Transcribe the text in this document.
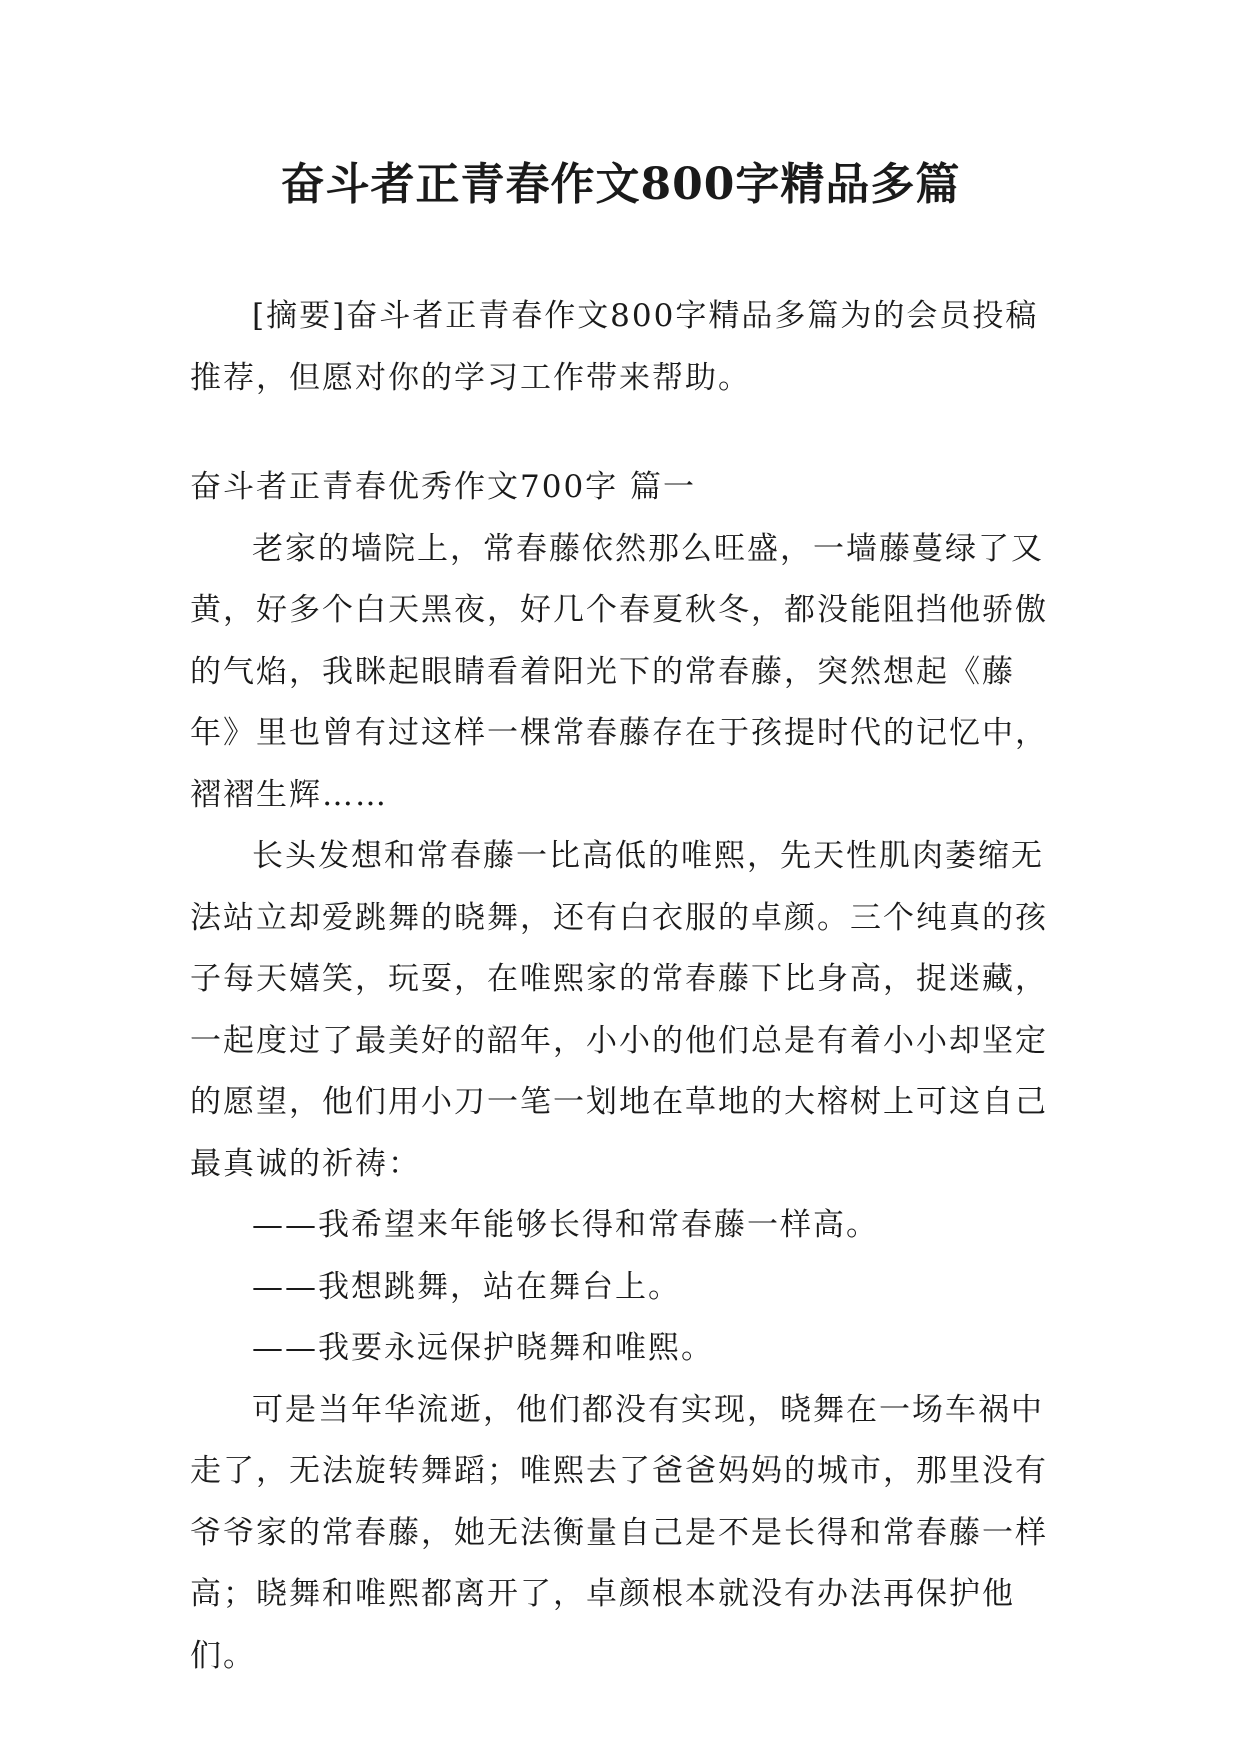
奋斗者正青春作文800字精品多篇

[摘要]奋斗者正青春作文800字精品多篇为的会员投稿推荐，但愿对你的学习工作带来帮助。

奋斗者正青春优秀作文700字 篇一

老家的墙院上，常春藤依然那么旺盛，一墙藤蔓绿了又黄，好多个白天黑夜，好几个春夏秋冬，都没能阻挡他骄傲的气焰，我眯起眼睛看着阳光下的常春藤，突然想起《藤年》里也曾有过这样一棵常春藤存在于孩提时代的记忆中，褶褶生辉……

长头发想和常春藤一比高低的唯熙，先天性肌肉萎缩无法站立却爱跳舞的晓舞，还有白衣服的卓颜。三个纯真的孩子每天嬉笑，玩耍，在唯熙家的常春藤下比身高，捉迷藏，一起度过了最美好的韶年，小小的他们总是有着小小却坚定的愿望，他们用小刀一笔一划地在草地的大榕树上可这自己最真诚的祈祷：

——我希望来年能够长得和常春藤一样高。

——我想跳舞，站在舞台上。

——我要永远保护晓舞和唯熙。

可是当年华流逝，他们都没有实现，晓舞在一场车祸中走了，无法旋转舞蹈；唯熙去了爸爸妈妈的城市，那里没有爷爷家的常春藤，她无法衡量自己是不是长得和常春藤一样高；晓舞和唯熙都离开了，卓颜根本就没有办法再保护他们。
